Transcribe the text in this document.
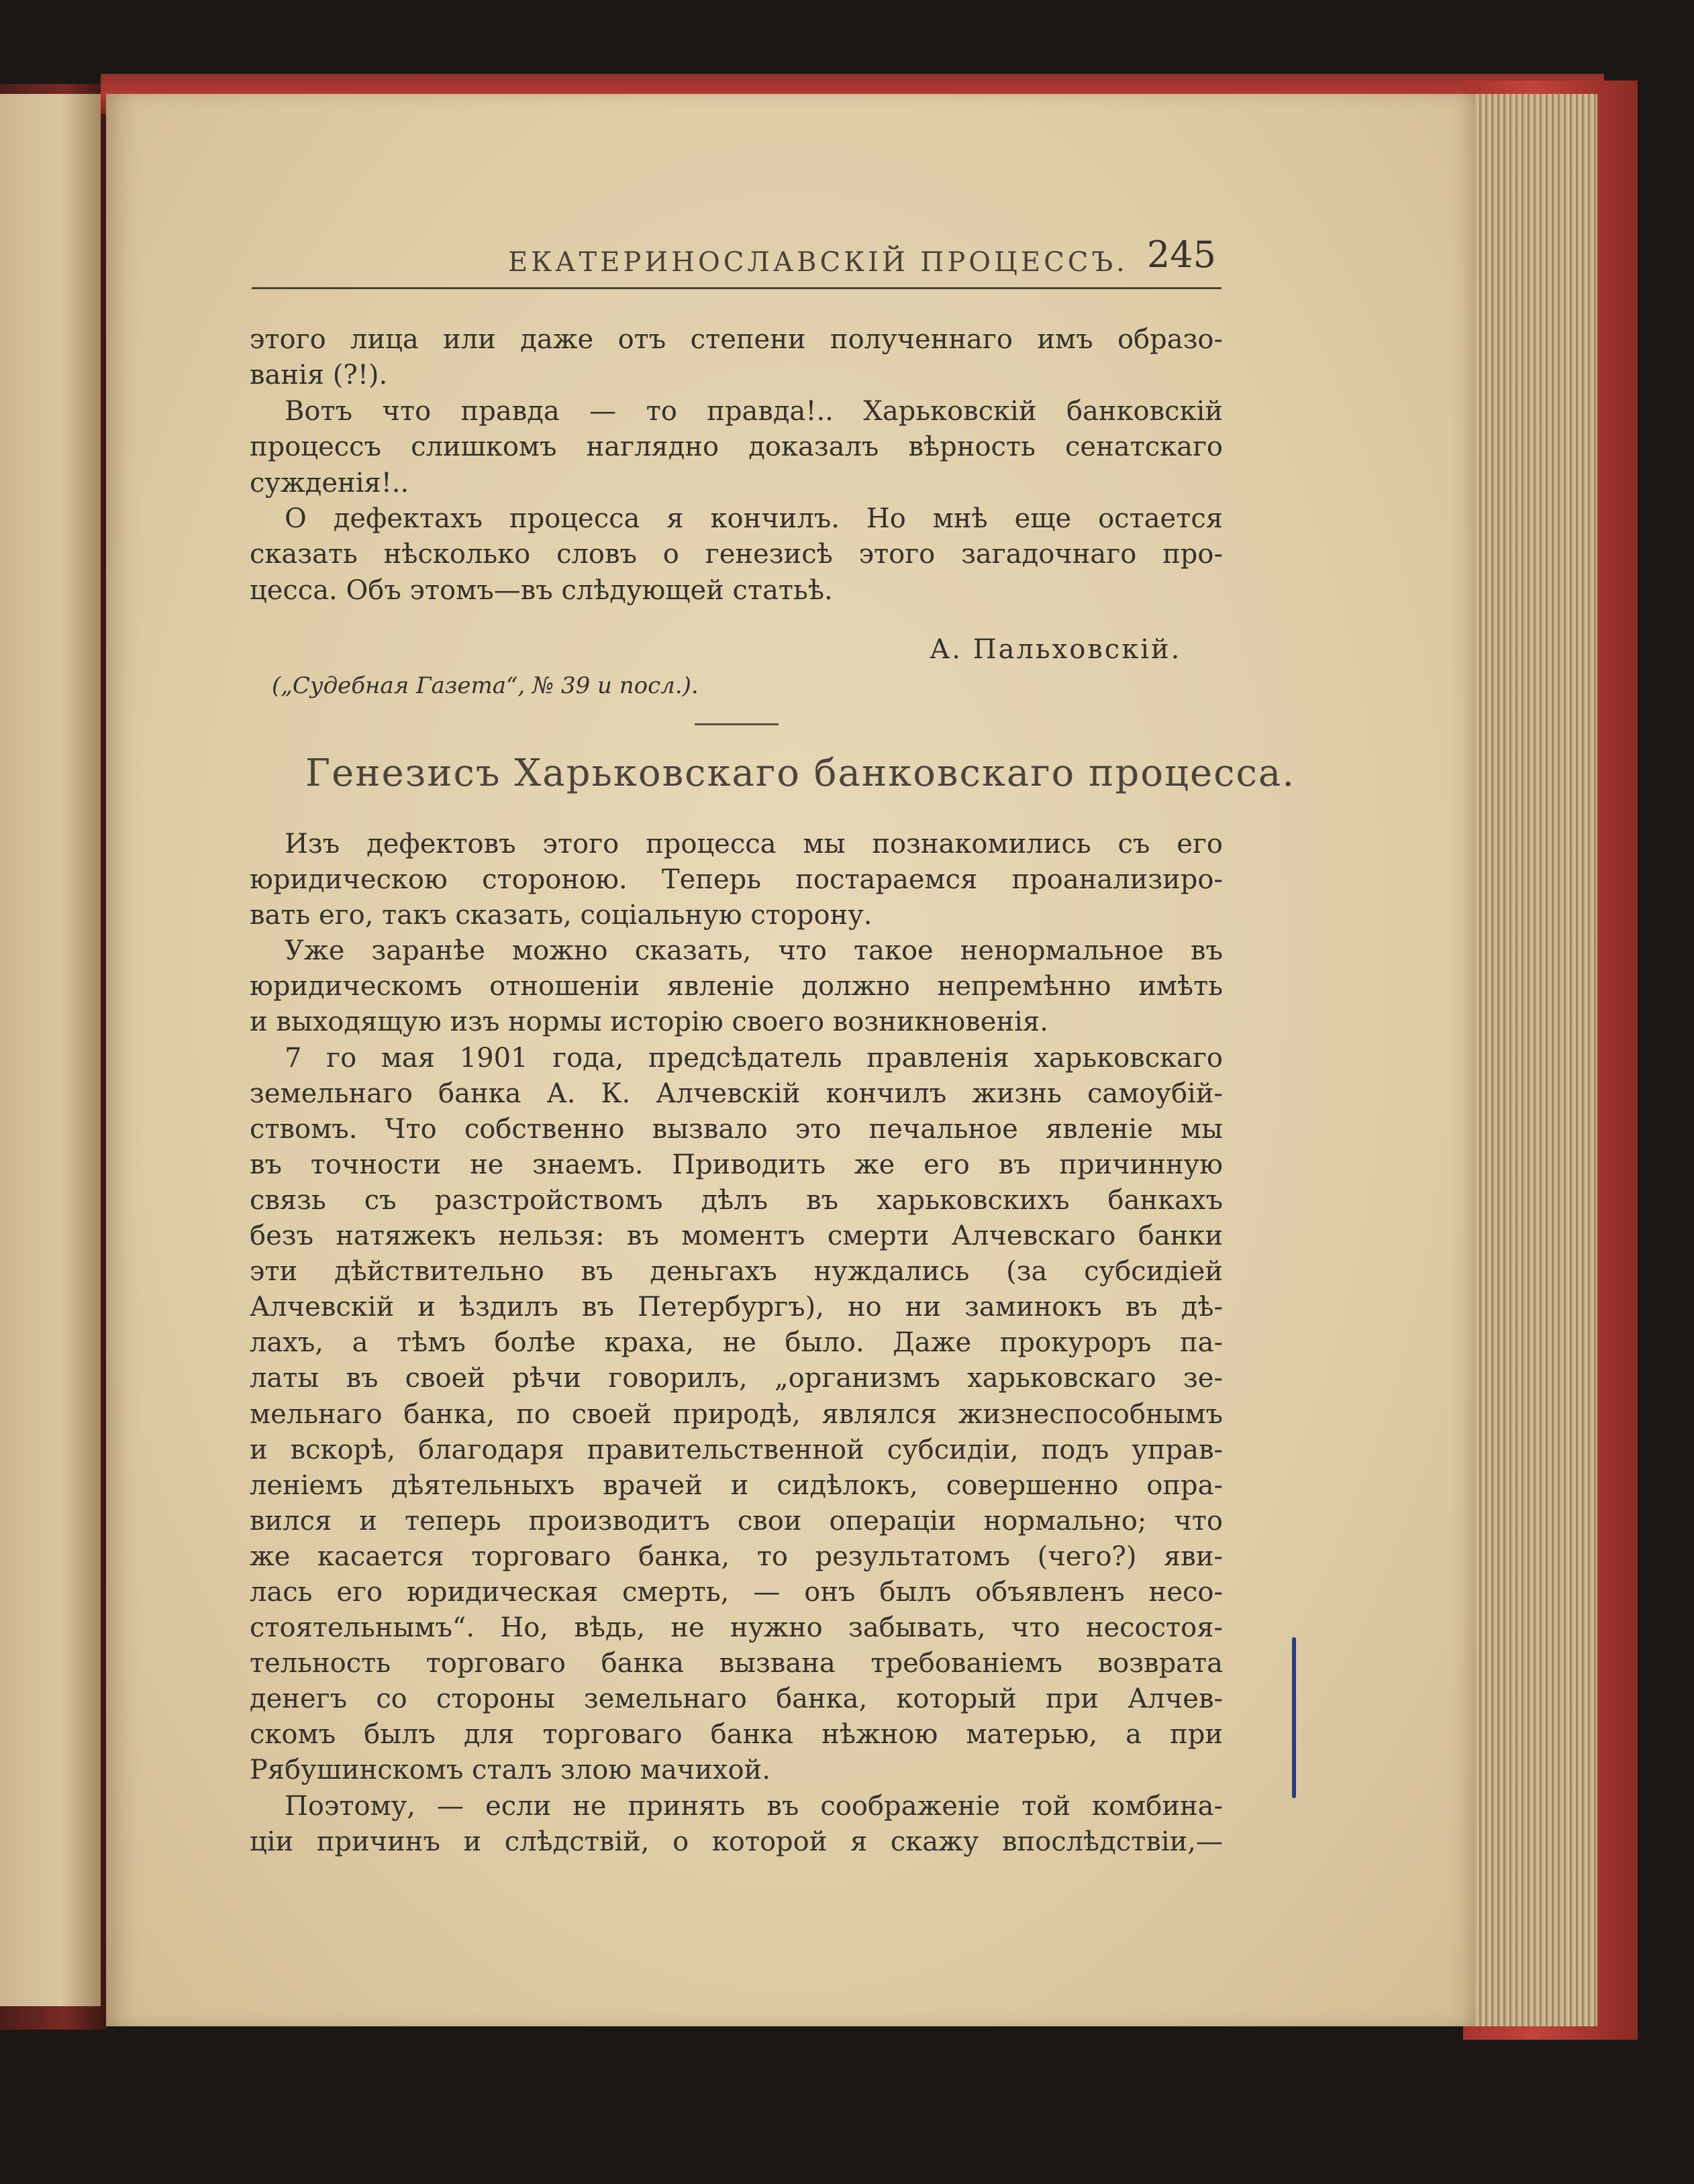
ЕКАТЕРИНОСЛАВСКІЙ ПРОЦЕССЪ. 245
этого лица или даже отъ степени полученнаго имъ образо-
ванія (?!).
Вотъ что правда — то правда!.. Харьковскій банковскій
процессъ слишкомъ наглядно доказалъ вѣрность сенатскаго
сужденія!..
О дефектахъ процесса я кончилъ. Но мнѣ еще остается
сказать нѣсколько словъ о генезисѣ этого загадочнаго про-
цесса. Объ этомъ—въ слѣдующей статьѣ.
А. Пальховскій.
(„Судебная Газета“, № 39 и посл.).
Генезисъ Харьковскаго банковскаго процесса.
Изъ дефектовъ этого процесса мы познакомились съ его
юридическою стороною. Теперь постараемся проанализиро-
вать его, такъ сказать, соціальную сторону.
Уже заранѣе можно сказать, что такое ненормальное въ
юридическомъ отношеніи явленіе должно непремѣнно имѣть
и выходящую изъ нормы исторію своего возникновенія.
7 го мая 1901 года, предсѣдатель правленія харьковскаго
земельнаго банка А. К. Алчевскій кончилъ жизнь самоубій-
ствомъ. Что собственно вызвало это печальное явленіе мы
въ точности не знаемъ. Приводить же его въ причинную
связь съ разстройствомъ дѣлъ въ харьковскихъ банкахъ
безъ натяжекъ нельзя: въ моментъ смерти Алчевскаго банки
эти дѣйствительно въ деньгахъ нуждались (за субсидіей
Алчевскій и ѣздилъ въ Петербургъ), но ни заминокъ въ дѣ-
лахъ, а тѣмъ болѣе краха, не было. Даже прокуроръ па-
латы въ своей рѣчи говорилъ, „организмъ харьковскаго зе-
мельнаго банка, по своей природѣ, являлся жизнеспособнымъ
и вскорѣ, благодаря правительственной субсидіи, подъ управ-
леніемъ дѣятельныхъ врачей и сидѣлокъ, совершенно опра-
вился и теперь производитъ свои операціи нормально; что
же касается торговаго банка, то результатомъ (чего?) яви-
лась его юридическая смерть, — онъ былъ объявленъ несо-
стоятельнымъ“. Но, вѣдь, не нужно забывать, что несостоя-
тельность торговаго банка вызвана требованіемъ возврата
денегъ со стороны земельнаго банка, который при Алчев-
скомъ былъ для торговаго банка нѣжною матерью, а при
Рябушинскомъ сталъ злою мачихой.
Поэтому, — если не принять въ соображеніе той комбина-
ціи причинъ и слѣдствій, о которой я скажу впослѣдствіи,—
